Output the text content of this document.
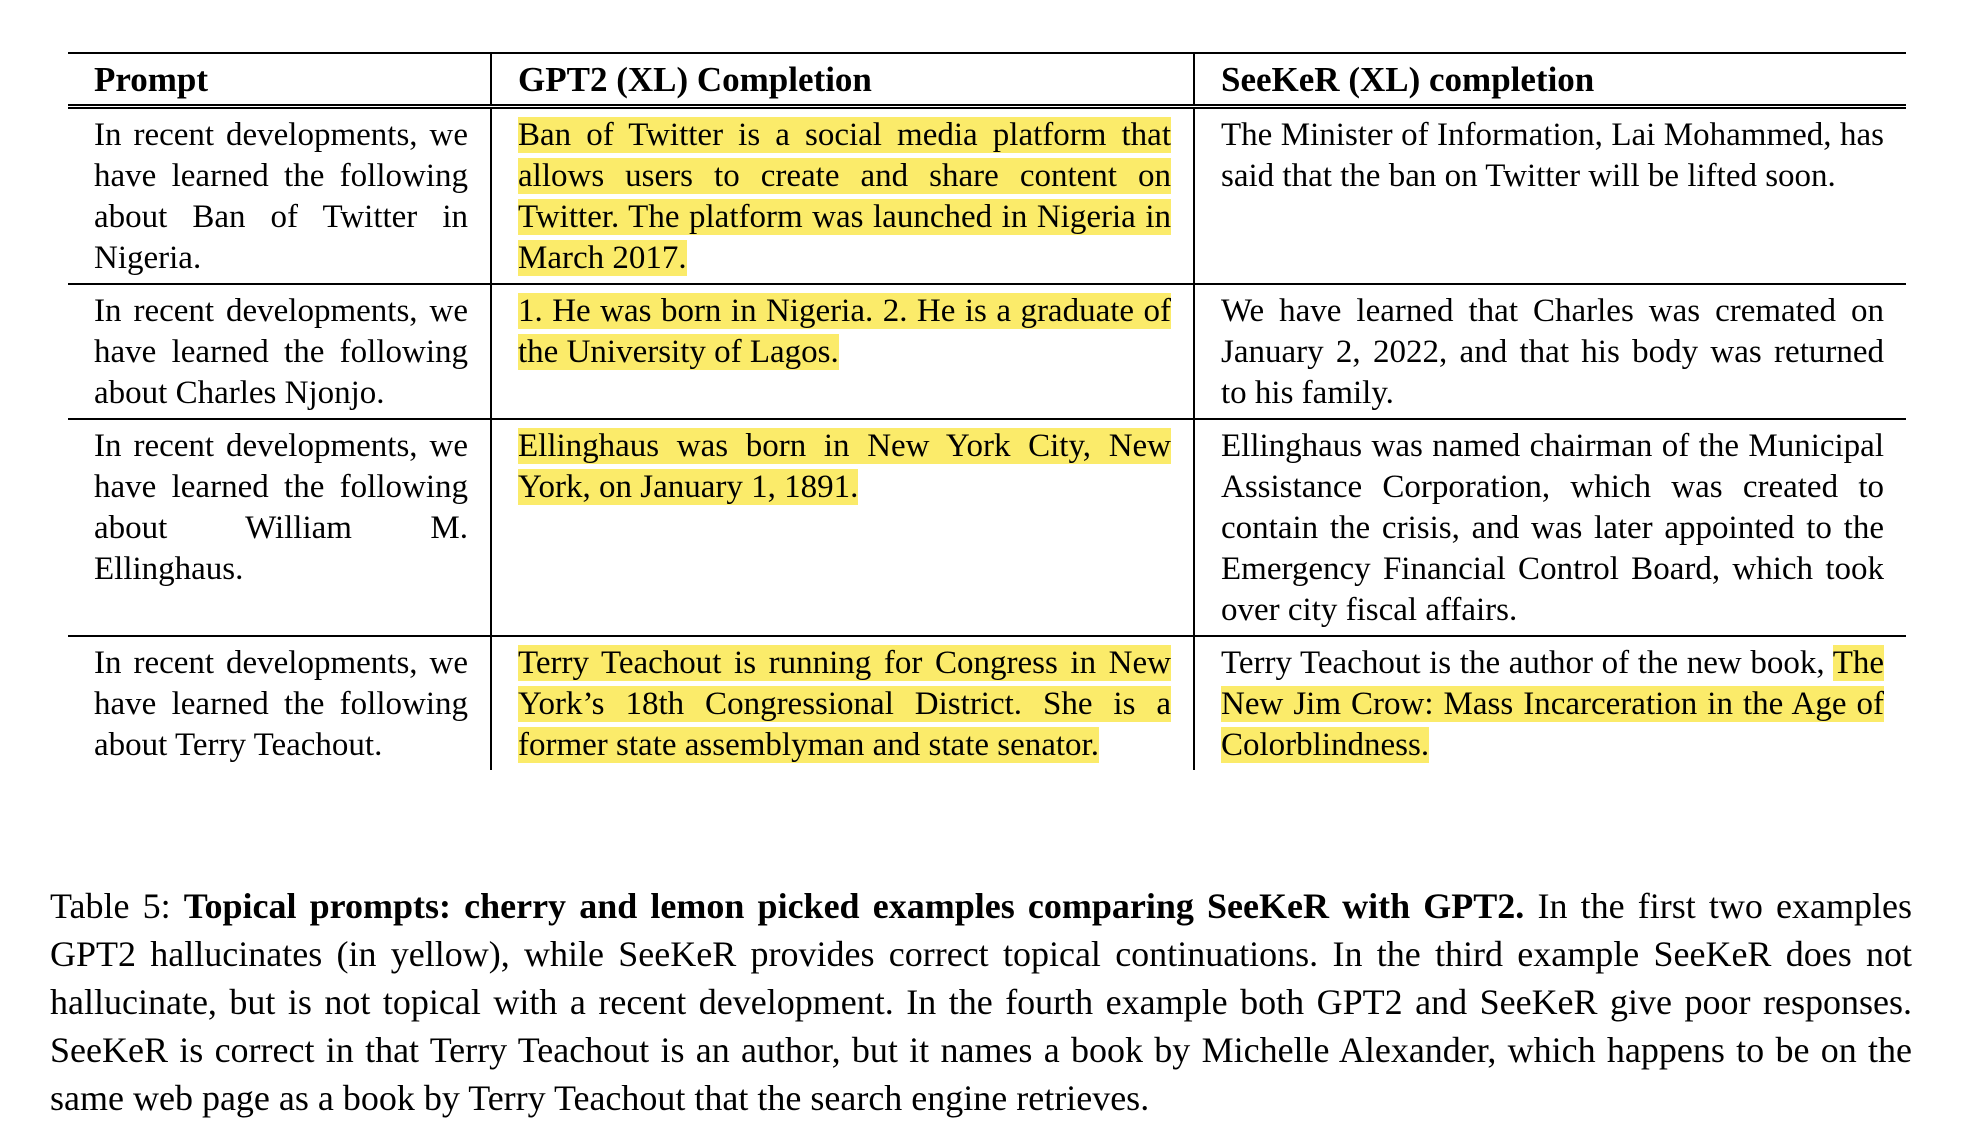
Prompt	GPT2 (XL) Completion	SeeKeR (XL) completion
In recent developments, we have learned the following about Ban of Twitter in Nigeria.	Ban of Twitter is a social media platform that allows users to create and share content on Twitter. The platform was launched in Nigeria in March 2017.	The Minister of Information, Lai Mohammed, has said that the ban on Twitter will be lifted soon.
In recent developments, we have learned the following about Charles Njonjo.	1. He was born in Nigeria. 2. He is a graduate of the University of Lagos.	We have learned that Charles was cremated on January 2, 2022, and that his body was returned to his family.
In recent developments, we have learned the following about William M. Ellinghaus.	Ellinghaus was born in New York City, New York, on January 1, 1891.	Ellinghaus was named chairman of the Municipal Assistance Corporation, which was created to contain the crisis, and was later appointed to the Emergency Financial Control Board, which took over city fiscal affairs.
In recent developments, we have learned the following about Terry Teachout.	Terry Teachout is running for Congress in New York’s 18th Congressional District. She is a former state assemblyman and state senator.	Terry Teachout is the author of the new book, The New Jim Crow: Mass Incarceration in the Age of Colorblindness.
Table 5: Topical prompts: cherry and lemon picked examples comparing SeeKeR with GPT2. In the first two examples GPT2 hallucinates (in yellow), while SeeKeR provides correct topical continuations. In the third example SeeKeR does not hallucinate, but is not topical with a recent development. In the fourth example both GPT2 and SeeKeR give poor responses. SeeKeR is correct in that Terry Teachout is an author, but it names a book by Michelle Alexander, which happens to be on the same web page as a book by Terry Teachout that the search engine retrieves.
